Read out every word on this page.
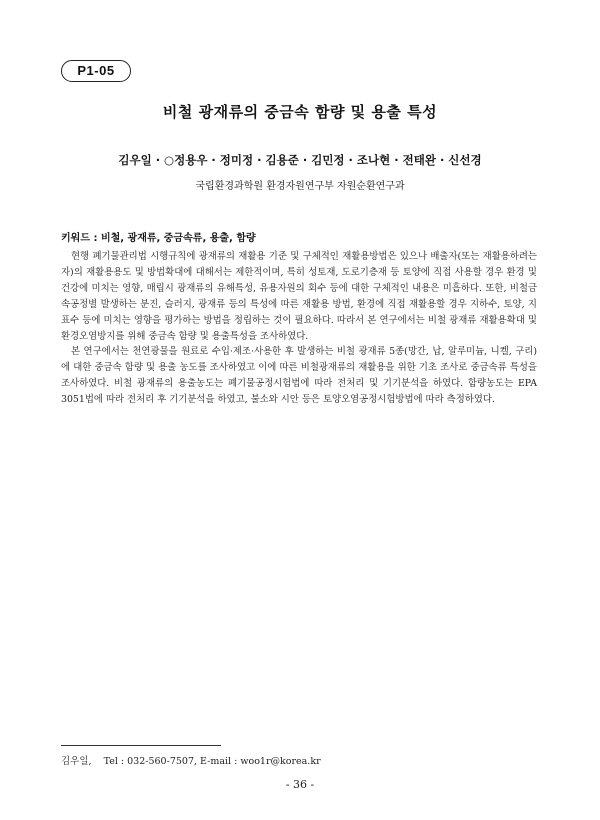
P1-05
비철 광재류의 중금속 함량 및 용출 특성
김우일 · ○정용우 · 정미정 · 김용준 · 김민정 · 조나현 · 전태완 · 신선경
국립환경과학원 환경자원연구부 자원순환연구과
키워드 : 비철, 광재류, 중금속류, 용출, 함량

현행 폐기물관리법 시행규칙에 광재류의 재활용 기준 및 구체적인 재활용방법은 있으나 배출자(또는 재활용하려는 자)의 재활용용도 및 방법확대에 대해서는 제한적이며, 특히 성토재, 도로기층재 등 토양에 직접 사용할 경우 환경 및 건강에 미치는 영향, 매립시 광재류의 유해특성, 유용자원의 회수 등에 대한 구체적인 내용은 미흡하다. 또한, 비철금속공정별 발생하는 분진, 슬러지, 광재류 등의 특성에 따른 재활용 방법, 환경에 직접 재활용할 경우 지하수, 토양, 지표수 등에 미치는 영향을 평가하는 방법을 정립하는 것이 필요하다. 따라서 본 연구에서는 비철 광재류 재활용확대 및 환경오염방지를 위해 중금속 함량 및 용출특성을 조사하였다.

본 연구에서는 천연광물을 원료로 수입·제조·사용한 후 발생하는 비철 광재류 5종(망간, 납, 알루미늄, 니켈, 구리)에 대한 중금속 함량 및 용출 농도를 조사하였고 이에 따른 비철광재류의 재활용을 위한 기초 조사로 중금속류 특성을 조사하였다. 비철 광재류의 용출농도는 폐기물공정시험법에 따라 전처리 및 기기분석을 하였다. 함량농도는 EPA 3051법에 따라 전처리 후 기기분석을 하였고, 불소와 시안 등은 토양오염공정시험방법에 따라 측정하였다.

김우일,    Tel : 032-560-7507, E-mail : woo1r@korea.kr
- 36 -
